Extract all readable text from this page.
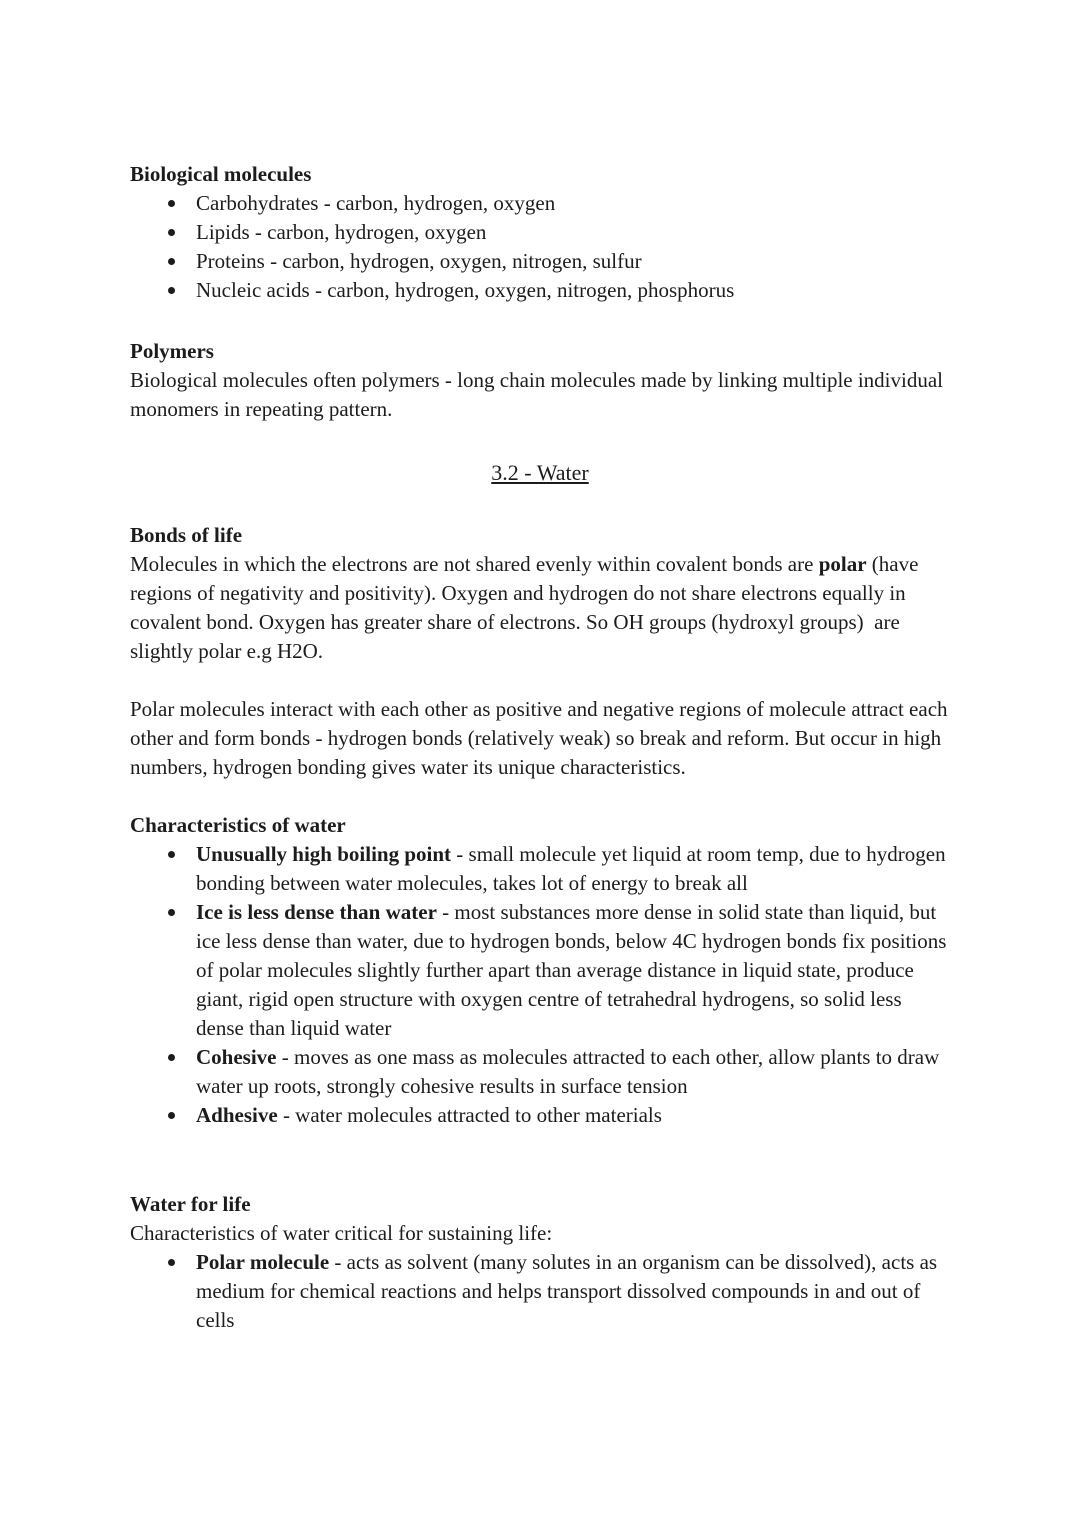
Biological molecules
Carbohydrates - carbon, hydrogen, oxygen
Lipids - carbon, hydrogen, oxygen
Proteins - carbon, hydrogen, oxygen, nitrogen, sulfur
Nucleic acids - carbon, hydrogen, oxygen, nitrogen, phosphorus
Polymers
Biological molecules often polymers - long chain molecules made by linking multiple individual monomers in repeating pattern.
3.2 - Water
Bonds of life
Molecules in which the electrons are not shared evenly within covalent bonds are polar (have regions of negativity and positivity). Oxygen and hydrogen do not share electrons equally in covalent bond. Oxygen has greater share of electrons. So OH groups (hydroxyl groups)  are slightly polar e.g H2O.
Polar molecules interact with each other as positive and negative regions of molecule attract each other and form bonds - hydrogen bonds (relatively weak) so break and reform. But occur in high numbers, hydrogen bonding gives water its unique characteristics.
Characteristics of water
Unusually high boiling point - small molecule yet liquid at room temp, due to hydrogen bonding between water molecules, takes lot of energy to break all
Ice is less dense than water - most substances more dense in solid state than liquid, but ice less dense than water, due to hydrogen bonds, below 4C hydrogen bonds fix positions of polar molecules slightly further apart than average distance in liquid state, produce giant, rigid open structure with oxygen centre of tetrahedral hydrogens, so solid less dense than liquid water
Cohesive - moves as one mass as molecules attracted to each other, allow plants to draw water up roots, strongly cohesive results in surface tension
Adhesive - water molecules attracted to other materials
Water for life
Characteristics of water critical for sustaining life:
Polar molecule - acts as solvent (many solutes in an organism can be dissolved), acts as medium for chemical reactions and helps transport dissolved compounds in and out of cells
